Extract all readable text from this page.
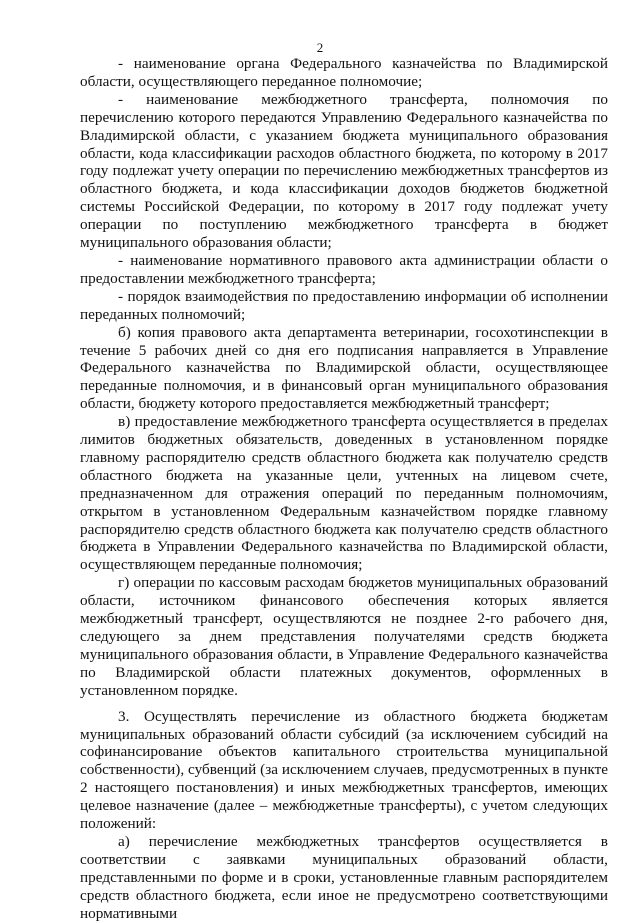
2

- наименование органа Федерального казначейства по Владимирской области, осуществляющего переданное полномочие;

- наименование межбюджетного трансферта, полномочия по перечислению которого передаются Управлению Федерального казначейства по Владимирской области, с указанием бюджета муниципального образования области, кода классификации расходов областного бюджета, по которому в 2017 году подлежат учету операции по перечислению межбюджетных трансфертов из областного бюджета, и кода классификации доходов бюджетов бюджетной системы Российской Федерации, по которому в 2017 году подлежат учету операции по поступлению межбюджетного трансферта в бюджет муниципального образования области;

- наименование нормативного правового акта администрации области о предоставлении межбюджетного трансферта;

- порядок взаимодействия по предоставлению информации об исполнении переданных полномочий;

б) копия правового акта департамента ветеринарии, госохотинспекции в течение 5 рабочих дней со дня его подписания направляется в Управление Федерального казначейства по Владимирской области, осуществляющее переданные полномочия, и в финансовый орган муниципального образования области, бюджету которого предоставляется межбюджетный трансферт;

в) предоставление межбюджетного трансферта осуществляется в пределах лимитов бюджетных обязательств, доведенных в установленном порядке главному распорядителю средств областного бюджета как получателю средств областного бюджета на указанные цели, учтенных на лицевом счете, предназначенном для отражения операций по переданным полномочиям, открытом в установленном Федеральным казначейством порядке главному распорядителю средств областного бюджета как получателю средств областного бюджета в Управлении Федерального казначейства по Владимирской области, осуществляющем переданные полномочия;

г) операции по кассовым расходам бюджетов муниципальных образований области, источником финансового обеспечения которых является межбюджетный трансферт, осуществляются не позднее 2-го рабочего дня, следующего за днем представления получателями средств бюджета муниципального образования области, в Управление Федерального казначейства по Владимирской области платежных документов, оформленных в установленном порядке.

3. Осуществлять перечисление из областного бюджета бюджетам муниципальных образований области субсидий (за исключением субсидий на софинансирование объектов капитального строительства муниципальной собственности), субвенций (за исключением случаев, предусмотренных в пункте 2 настоящего постановления) и иных межбюджетных трансфертов, имеющих целевое назначение (далее – межбюджетные трансферты), с учетом следующих положений:

а) перечисление межбюджетных трансфертов осуществляется в соответствии с заявками муниципальных образований области, представленными по форме и в сроки, установленные главным распорядителем средств областного бюджета, если иное не предусмотрено соответствующими нормативными
